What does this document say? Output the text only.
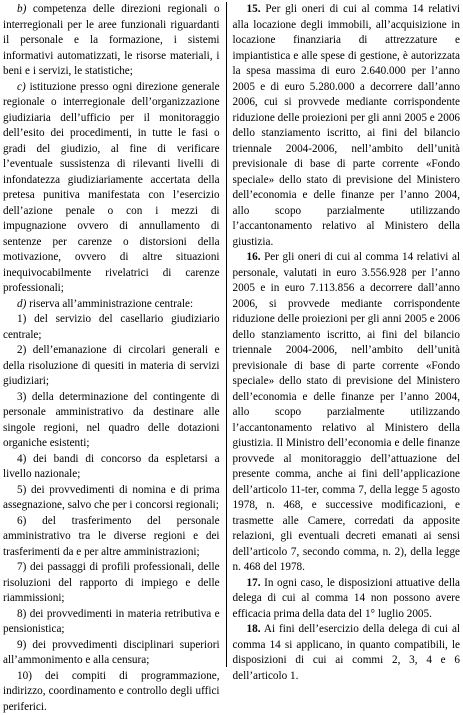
b) competenza delle direzioni regionali o interregionali per le aree funzionali riguardanti il personale e la formazione, i sistemi informativi automatizzati, le risorse materiali, i beni e i servizi, le statistiche;

c) istituzione presso ogni direzione generale regionale o interregionale dell’organizzazione giudiziaria dell’ufficio per il monitoraggio dell’esito dei procedimenti, in tutte le fasi o gradi del giudizio, al fine di verificare l’eventuale sussistenza di rilevanti livelli di infondatezza giudiziariamente accertata della pretesa punitiva manifestata con l’esercizio dell’azione penale o con i mezzi di impugnazione ovvero di annullamento di sentenze per carenze o distorsioni della motivazione, ovvero di altre situazioni inequivocabilmente rivelatrici di carenze professionali;

d) riserva all’amministrazione centrale:

1) del servizio del casellario giudiziario centrale;

2) dell’emanazione di circolari generali e della risoluzione di quesiti in materia di servizi giudiziari;

3) della determinazione del contingente di personale amministrativo da destinare alle singole regioni, nel quadro delle dotazioni organiche esistenti;

4) dei bandi di concorso da espletarsi a livello nazionale;

5) dei provvedimenti di nomina e di prima assegnazione, salvo che per i concorsi regionali;

6) del trasferimento del personale amministrativo tra le diverse regioni e dei trasferimenti da e per altre amministrazioni;

7) dei passaggi di profili professionali, delle risoluzioni del rapporto di impiego e delle riammissioni;

8) dei provvedimenti in materia retributiva e pensionistica;

9) dei provvedimenti disciplinari superiori all’ammonimento e alla censura;

10) dei compiti di programmazione, indirizzo, coordinamento e controllo degli uffici periferici.

15. Per gli oneri di cui al comma 14 relativi alla locazione degli immobili, all’acquisizione in locazione finanziaria di attrezzature e impiantistica e alle spese di gestione, è autorizzata la spesa massima di euro 2.640.000 per l’anno 2005 e di euro 5.280.000 a decorrere dall’anno 2006, cui si provvede mediante corrispondente riduzione delle proiezioni per gli anni 2005 e 2006 dello stanziamento iscritto, ai fini del bilancio triennale 2004-2006, nell’ambito dell’unità previsionale di base di parte corrente «Fondo speciale» dello stato di previsione del Ministero dell’economia e delle finanze per l’anno 2004, allo scopo parzialmente utilizzando l’accantonamento relativo al Ministero della giustizia.

16. Per gli oneri di cui al comma 14 relativi al personale, valutati in euro 3.556.928 per l’anno 2005 e in euro 7.113.856 a decorrere dall’anno 2006, si provvede mediante corrispondente riduzione delle proiezioni per gli anni 2005 e 2006 dello stanziamento iscritto, ai fini del bilancio triennale 2004-2006, nell’ambito dell’unità previsionale di base di parte corrente «Fondo speciale» dello stato di previsione del Ministero dell’economia e delle finanze per l’anno 2004, allo scopo parzialmente utilizzando l’accantonamento relativo al Ministero della giustizia. Il Ministro dell’economia e delle finanze provvede al monitoraggio dell’attuazione del presente comma, anche ai fini dell’applicazione dell’articolo 11-ter, comma 7, della legge 5 agosto 1978, n. 468, e successive modificazioni, e trasmette alle Camere, corredati da apposite relazioni, gli eventuali decreti emanati ai sensi dell’articolo 7, secondo comma, n. 2), della legge n. 468 del 1978.

17. In ogni caso, le disposizioni attuative della delega di cui al comma 14 non possono avere efficacia prima della data del 1° luglio 2005.

18. Ai fini dell’esercizio della delega di cui al comma 14 si applicano, in quanto compatibili, le disposizioni di cui ai commi 2, 3, 4 e 6 dell’articolo 1.
